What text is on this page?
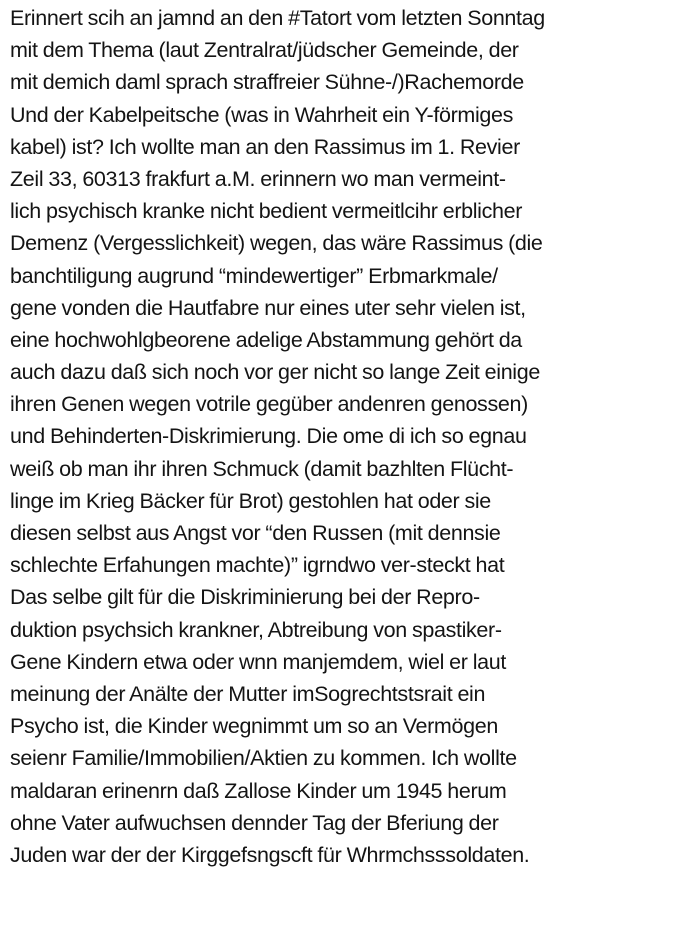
Erinnert scih an jamnd an den #Tatort vom letzten Sonntag
mit dem Thema (laut Zentralrat/jüdscher Gemeinde, der
mit demich daml sprach straffreier Sühne-/)Rachemorde
Und der Kabelpeitsche (was in Wahrheit ein Y-förmiges
kabel) ist? Ich wollte man an den Rassimus im 1. Revier
Zeil 33, 60313 frakfurt a.M. erinnern wo man vermeint-
lich psychisch kranke nicht bedient vermeitlcihr erblicher
Demenz (Vergesslichkeit) wegen, das wäre Rassimus (die
banchtiligung augrund “mindewertiger” Erbmarkmale/
gene vonden die Hautfabre nur eines uter sehr vielen ist,
eine hochwohlgbeorene adelige Abstammung gehört da
auch dazu daß sich noch vor ger nicht so lange Zeit einige
ihren Genen wegen votrile gegüber andenren genossen)
und Behinderten-Diskrimierung. Die ome di ich so egnau
weiß ob man ihr ihren Schmuck (damit bazhlten Flücht-
linge im Krieg Bäcker für Brot) gestohlen hat oder sie
diesen selbst aus Angst vor “den Russen (mit dennsie
schlechte Erfahungen machte)” igrndwo ver-steckt hat
Das selbe gilt für die Diskriminierung bei der Repro-
duktion psychsich krankner, Abtreibung von spastiker-
Gene Kindern etwa oder wnn manjemdem, wiel er laut
meinung der Anälte der Mutter imSogrechtstsrait ein
Psycho ist, die Kinder wegnimmt um so an Vermögen
seienr Familie/Immobilien/Aktien zu kommen. Ich wollte
maldaran erinenrn daß Zallose Kinder um 1945 herum
ohne Vater aufwuchsen dennder Tag der Bferiung der
Juden war der der Kirggefsngscft für Whrmchsssoldaten.
